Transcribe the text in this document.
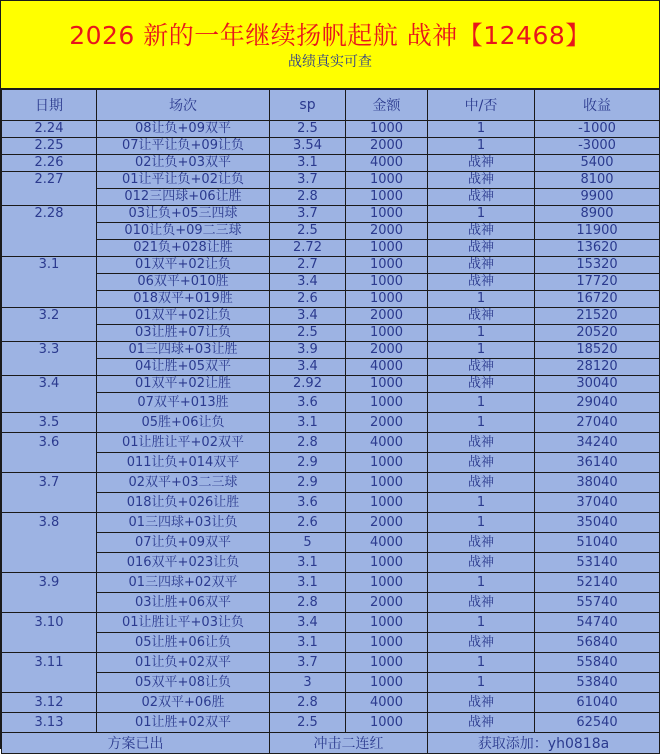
2026 新的一年继续扬帆起航 战神【12468】
战绩真实可查
日期	场次	sp	金额	中/否	收益
2.24	08让负+09双平	2.5	1000	1	-1000
2.25	07让平让负+09让负	3.54	2000	1	-3000
2.26	02让负+03双平	3.1	4000	战神	5400
2.27	01让平让负+02让负	3.7	1000	战神	8100
	012三四球+06让胜	2.8	1000	战神	9900
2.28	03让负+05三四球	3.7	1000	1	8900
	010让负+09二三球	2.5	2000	战神	11900
	021负+028让胜	2.72	1000	战神	13620
3.1	01双平+02让负	2.7	1000	战神	15320
	06双平+010胜	3.4	1000	战神	17720
	018双平+019胜	2.6	1000	1	16720
3.2	01双平+02让负	3.4	2000	战神	21520
	03让胜+07让负	2.5	1000	1	20520
3.3	01三四球+03让胜	3.9	2000	1	18520
	04让胜+05双平	3.4	4000	战神	28120
3.4	01双平+02让胜	2.92	1000	战神	30040
	07双平+013胜	3.6	1000	1	29040
3.5	05胜+06让负	3.1	2000	1	27040
3.6	01让胜让平+02双平	2.8	4000	战神	34240
	011让负+014双平	2.9	1000	战神	36140
3.7	02双平+03二三球	2.9	1000	战神	38040
	018让负+026让胜	3.6	1000	1	37040
3.8	01三四球+03让负	2.6	2000	1	35040
	07让负+09双平	5	4000	战神	51040
	016双平+023让负	3.1	1000	战神	53140
3.9	01三四球+02双平	3.1	1000	1	52140
	03让胜+06双平	2.8	2000	战神	55740
3.10	01让胜让平+03让负	3.4	1000	1	54740
	05让胜+06让负	3.1	1000	战神	56840
3.11	01让负+02双平	3.7	1000	1	55840
	05双平+08让负	3	1000	1	53840
3.12	02双平+06胜	2.8	4000	战神	61040
3.13	01让胜+02双平	2.5	1000	战神	62540
方案已出		冲击二连红		获取添加：yh0818a	
